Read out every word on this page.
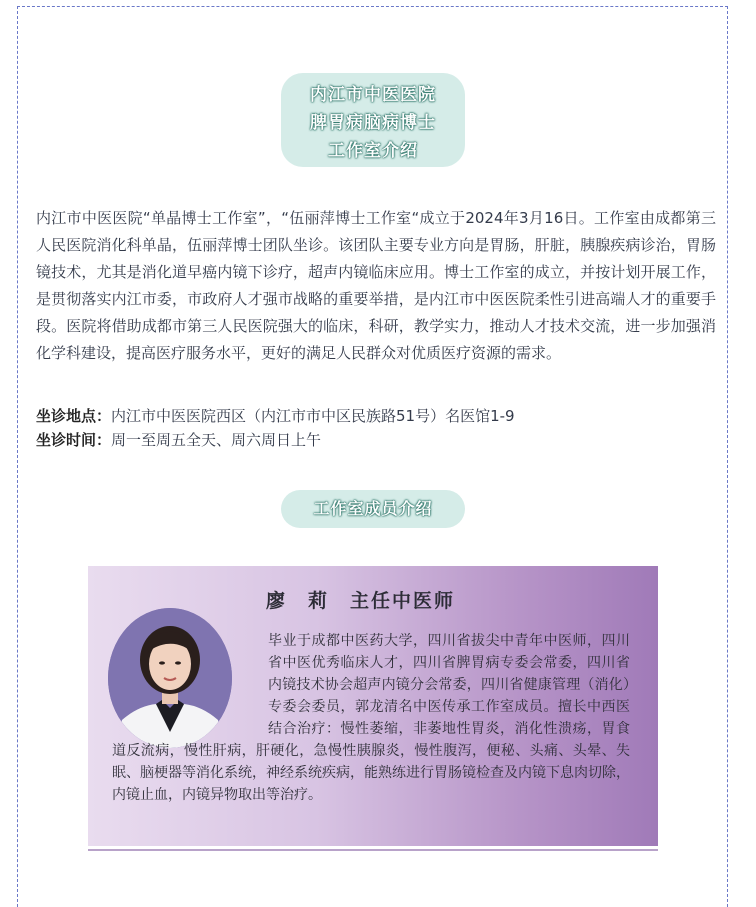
内江市中医医院
脾胃病脑病博士
工作室介绍
内江市中医医院“单晶博士工作室”，“伍丽萍博士工作室“成立于2024年3月16日。工作室由成都第三人民医院消化科单晶，伍丽萍博士团队坐诊。该团队主要专业方向是胃肠，肝脏，胰腺疾病诊治，胃肠镜技术，尤其是消化道早癌内镜下诊疗，超声内镜临床应用。博士工作室的成立，并按计划开展工作，是贯彻落实内江市委，市政府人才强市战略的重要举措，是内江市中医医院柔性引进高端人才的重要手段。医院将借助成都市第三人民医院强大的临床，科研，教学实力，推动人才技术交流，进一步加强消化学科建设，提高医疗服务水平，更好的满足人民群众对优质医疗资源的需求。
坐诊地点：内江市中医医院西区（内江市市中区民族路51号）名医馆1-9
坐诊时间：周一至周五全天、周六周日上午
工作室成员介绍
廖　莉　主任中医师
毕业于成都中医药大学，四川省拔尖中青年中医师，四川省中医优秀临床人才，四川省脾胃病专委会常委，四川省内镜技术协会超声内镜分会常委，四川省健康管理（消化）专委会委员，郭龙清名中医传承工作室成员。擅长中西医结合治疗：慢性萎缩，非萎地性胃炎，消化性溃疡，胃食道反流病，慢性肝病，肝硬化，急慢性胰腺炎，慢性腹泻，便秘、头痛、头晕、失眠、脑梗器等消化系统，神经系统疾病，能熟练进行胃肠镜检查及内镜下息肉切除，内镜止血，内镜异物取出等治疗。
